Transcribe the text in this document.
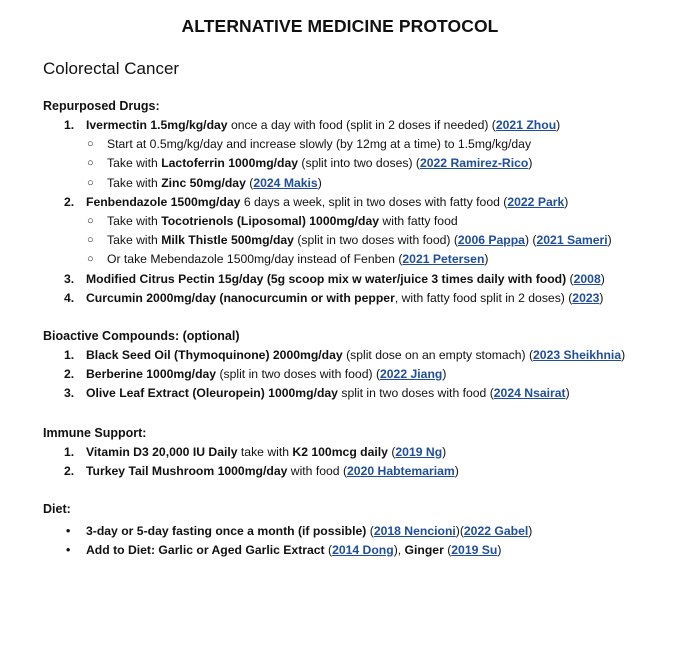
ALTERNATIVE MEDICINE PROTOCOL
Colorectal Cancer
Repurposed Drugs:
1. Ivermectin 1.5mg/kg/day once a day with food (split in 2 doses if needed) (2021 Zhou)
○ Start at 0.5mg/kg/day and increase slowly (by 12mg at a time) to 1.5mg/kg/day
○ Take with Lactoferrin 1000mg/day (split into two doses) (2022 Ramirez-Rico)
○ Take with Zinc 50mg/day (2024 Makis)
2. Fenbendazole 1500mg/day 6 days a week, split in two doses with fatty food (2022 Park)
○ Take with Tocotrienols (Liposomal) 1000mg/day with fatty food
○ Take with Milk Thistle 500mg/day (split in two doses with food) (2006 Pappa) (2021 Sameri)
○ Or take Mebendazole 1500mg/day instead of Fenben (2021 Petersen)
3. Modified Citrus Pectin 15g/day (5g scoop mix w water/juice 3 times daily with food) (2008)
4. Curcumin 2000mg/day (nanocurcumin or with pepper, with fatty food split in 2 doses) (2023)
Bioactive Compounds: (optional)
1. Black Seed Oil (Thymoquinone) 2000mg/day (split dose on an empty stomach) (2023 Sheikhnia)
2. Berberine 1000mg/day (split in two doses with food) (2022 Jiang)
3. Olive Leaf Extract (Oleuropein) 1000mg/day split in two doses with food (2024 Nsairat)
Immune Support:
1. Vitamin D3 20,000 IU Daily take with K2 100mcg daily (2019 Ng)
2. Turkey Tail Mushroom 1000mg/day with food (2020 Habtemariam)
Diet:
• 3-day or 5-day fasting once a month (if possible) (2018 Nencioni)(2022 Gabel)
• Add to Diet: Garlic or Aged Garlic Extract (2014 Dong), Ginger (2019 Su)
